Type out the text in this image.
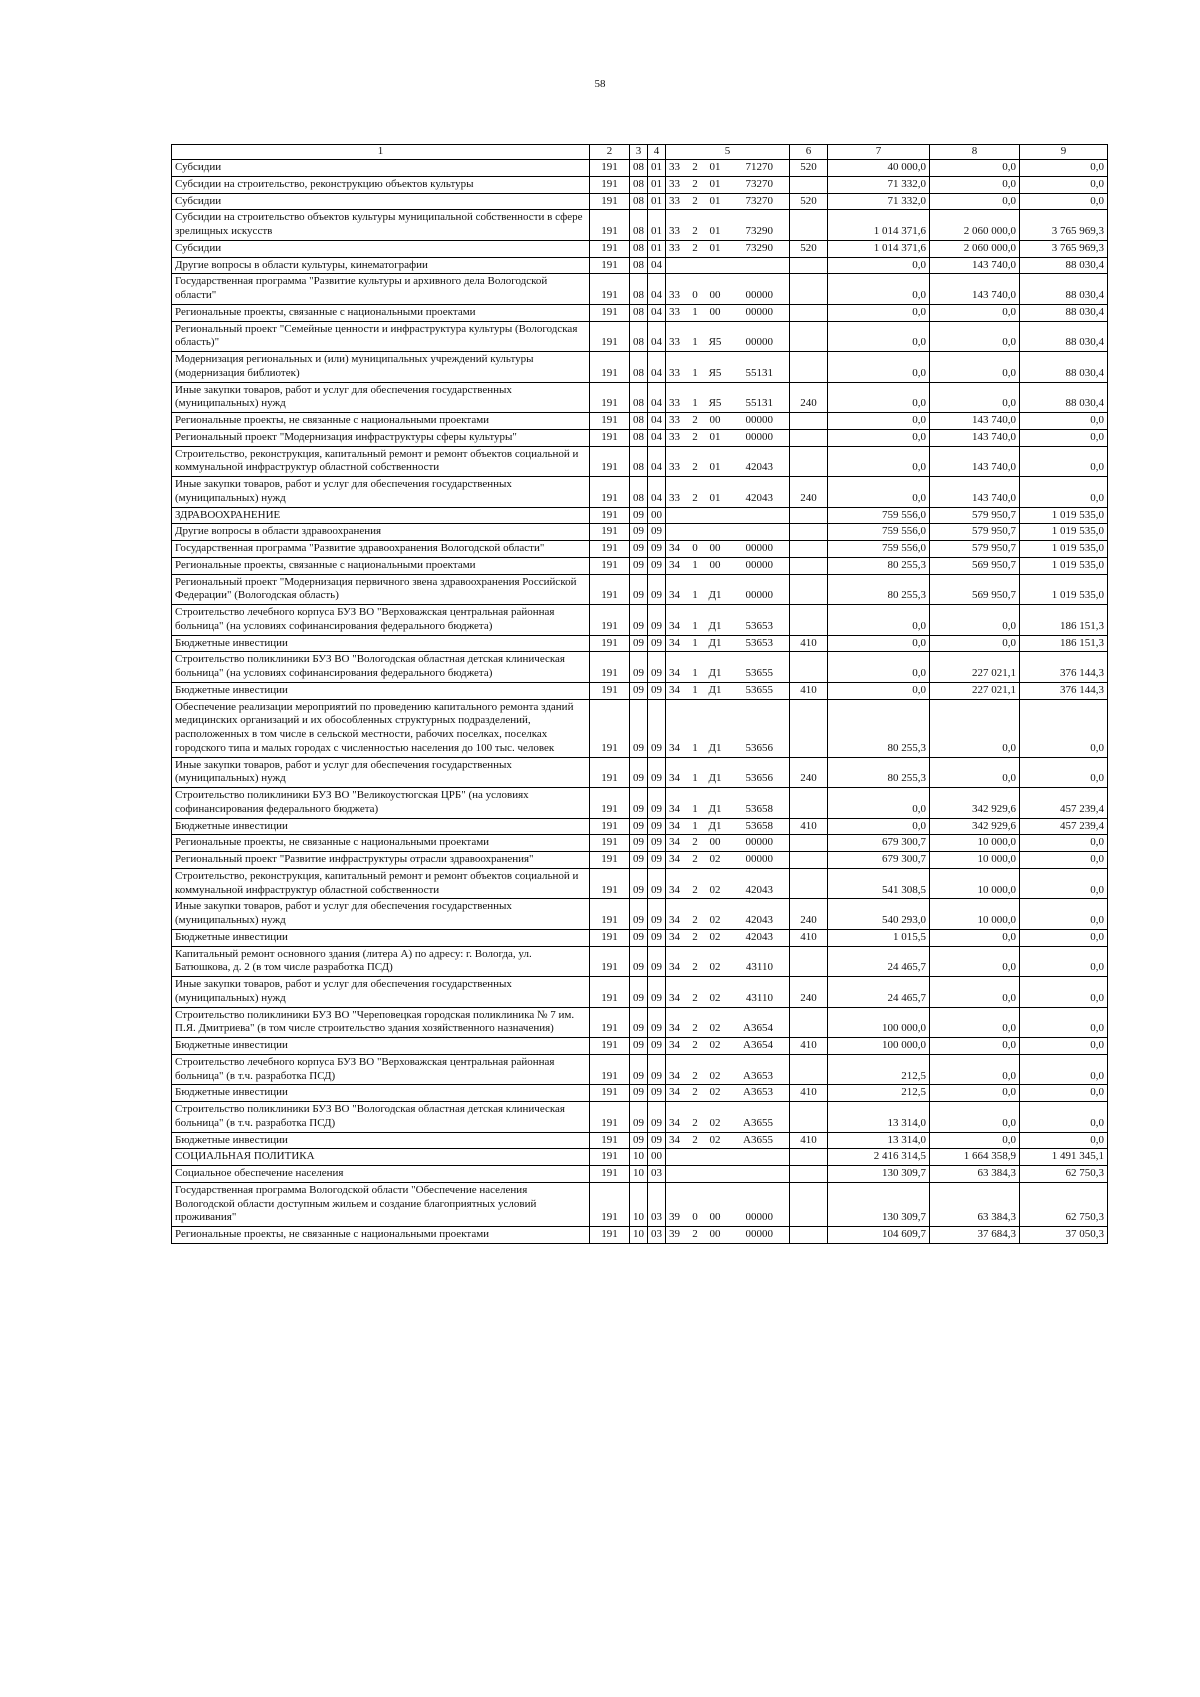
58
1	2	3	4	5	6	7	8	9
Субсидии	191	08	01	33 2 01 71270	520	40 000,0	0,0	0,0
Субсидии на строительство, реконструкцию объектов культуры	191	08	01	33 2 01 73270		71 332,0	0,0	0,0
Субсидии	191	08	01	33 2 01 73270	520	71 332,0	0,0	0,0
Субсидии на строительство объектов культуры муниципальной собственности в сфере зрелищных искусств	191	08	01	33 2 01 73290		1 014 371,6	2 060 000,0	3 765 969,3
Субсидии	191	08	01	33 2 01 73290	520	1 014 371,6	2 060 000,0	3 765 969,3
Другие вопросы в области культуры, кинематографии	191	08	04			0,0	143 740,0	88 030,4
Государственная программа "Развитие культуры и архивного дела Вологодской области"	191	08	04	33 0 00 00000		0,0	143 740,0	88 030,4
Региональные проекты, связанные с национальными проектами	191	08	04	33 1 00 00000		0,0	0,0	88 030,4
Региональный проект "Семейные ценности и инфраструктура культуры (Вологодская область)"	191	08	04	33 1 Я5 00000		0,0	0,0	88 030,4
Модернизация региональных и (или) муниципальных учреждений культуры (модернизация библиотек)	191	08	04	33 1 Я5 55131		0,0	0,0	88 030,4
Иные закупки товаров, работ и услуг для обеспечения государственных (муниципальных) нужд	191	08	04	33 1 Я5 55131	240	0,0	0,0	88 030,4
Региональные проекты, не связанные с национальными проектами	191	08	04	33 2 00 00000		0,0	143 740,0	0,0
Региональный проект "Модернизация инфраструктуры сферы культуры"	191	08	04	33 2 01 00000		0,0	143 740,0	0,0
Строительство, реконструкция, капитальный ремонт и ремонт объектов социальной и коммунальной инфраструктур областной собственности	191	08	04	33 2 01 42043		0,0	143 740,0	0,0
Иные закупки товаров, работ и услуг для обеспечения государственных (муниципальных) нужд	191	08	04	33 2 01 42043	240	0,0	143 740,0	0,0
ЗДРАВООХРАНЕНИЕ	191	09	00			759 556,0	579 950,7	1 019 535,0
Другие вопросы в области здравоохранения	191	09	09			759 556,0	579 950,7	1 019 535,0
Государственная программа "Развитие здравоохранения Вологодской области"	191	09	09	34 0 00 00000		759 556,0	579 950,7	1 019 535,0
Региональные проекты, связанные с национальными проектами	191	09	09	34 1 00 00000		80 255,3	569 950,7	1 019 535,0
Региональный проект "Модернизация первичного звена здравоохранения Российской Федерации" (Вологодская область)	191	09	09	34 1 Д1 00000		80 255,3	569 950,7	1 019 535,0
Строительство лечебного корпуса БУЗ ВО "Верховажская центральная районная больница" (на условиях софинансирования федерального бюджета)	191	09	09	34 1 Д1 53653		0,0	0,0	186 151,3
Бюджетные инвестиции	191	09	09	34 1 Д1 53653	410	0,0	0,0	186 151,3
Строительство поликлиники БУЗ ВО "Вологодская областная детская клиническая больница" (на условиях софинансирования федерального бюджета)	191	09	09	34 1 Д1 53655		0,0	227 021,1	376 144,3
Бюджетные инвестиции	191	09	09	34 1 Д1 53655	410	0,0	227 021,1	376 144,3
Обеспечение реализации мероприятий по проведению капитального ремонта зданий медицинских организаций и их обособленных структурных подразделений, расположенных в том числе в сельской местности, рабочих поселках, поселках городского типа и малых городах с численностью населения до 100 тыс. человек	191	09	09	34 1 Д1 53656		80 255,3	0,0	0,0
Иные закупки товаров, работ и услуг для обеспечения государственных (муниципальных) нужд	191	09	09	34 1 Д1 53656	240	80 255,3	0,0	0,0
Строительство поликлиники БУЗ ВО "Великоустюгская ЦРБ" (на условиях софинансирования федерального бюджета)	191	09	09	34 1 Д1 53658		0,0	342 929,6	457 239,4
Бюджетные инвестиции	191	09	09	34 1 Д1 53658	410	0,0	342 929,6	457 239,4
Региональные проекты, не связанные с национальными проектами	191	09	09	34 2 00 00000		679 300,7	10 000,0	0,0
Региональный проект "Развитие инфраструктуры отрасли здравоохранения"	191	09	09	34 2 02 00000		679 300,7	10 000,0	0,0
Строительство, реконструкция, капитальный ремонт и ремонт объектов социальной и коммунальной инфраструктур областной собственности	191	09	09	34 2 02 42043		541 308,5	10 000,0	0,0
Иные закупки товаров, работ и услуг для обеспечения государственных (муниципальных) нужд	191	09	09	34 2 02 42043	240	540 293,0	10 000,0	0,0
Бюджетные инвестиции	191	09	09	34 2 02 42043	410	1 015,5	0,0	0,0
Капитальный ремонт основного здания (литера А) по адресу: г. Вологда, ул. Батюшкова, д. 2 (в том числе разработка ПСД)	191	09	09	34 2 02 43110		24 465,7	0,0	0,0
Иные закупки товаров, работ и услуг для обеспечения государственных (муниципальных) нужд	191	09	09	34 2 02 43110	240	24 465,7	0,0	0,0
Строительство поликлиники БУЗ ВО "Череповецкая городская поликлиника № 7 им. П.Я. Дмитриева" (в том числе строительство здания хозяйственного назначения)	191	09	09	34 2 02 А3654		100 000,0	0,0	0,0
Бюджетные инвестиции	191	09	09	34 2 02 А3654	410	100 000,0	0,0	0,0
Строительство лечебного корпуса БУЗ ВО "Верховажская центральная районная больница" (в т.ч. разработка ПСД)	191	09	09	34 2 02 А3653		212,5	0,0	0,0
Бюджетные инвестиции	191	09	09	34 2 02 А3653	410	212,5	0,0	0,0
Строительство поликлиники БУЗ ВО "Вологодская областная детская клиническая больница" (в т.ч. разработка ПСД)	191	09	09	34 2 02 А3655		13 314,0	0,0	0,0
Бюджетные инвестиции	191	09	09	34 2 02 А3655	410	13 314,0	0,0	0,0
СОЦИАЛЬНАЯ ПОЛИТИКА	191	10	00			2 416 314,5	1 664 358,9	1 491 345,1
Социальное обеспечение населения	191	10	03			130 309,7	63 384,3	62 750,3
Государственная программа Вологодской области "Обеспечение населения Вологодской области доступным жильем и создание благоприятных условий проживания"	191	10	03	39 0 00 00000		130 309,7	63 384,3	62 750,3
Региональные проекты, не связанные с национальными проектами	191	10	03	39 2 00 00000		104 609,7	37 684,3	37 050,3
